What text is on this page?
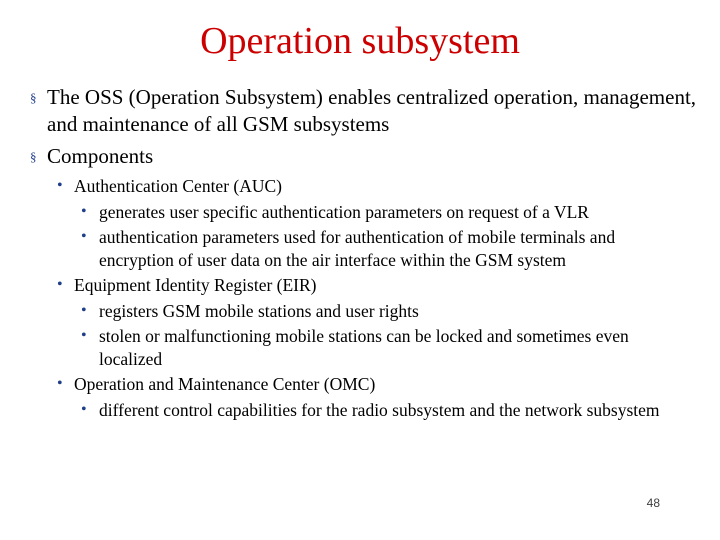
Operation subsystem
§ The OSS (Operation Subsystem) enables centralized operation, management, and maintenance of all GSM subsystems
§ Components
• Authentication Center (AUC)
• generates user specific authentication parameters on request of a VLR
• authentication parameters used for authentication of mobile terminals and encryption of user data on the air interface within the GSM system
• Equipment Identity Register (EIR)
• registers GSM mobile stations and user rights
• stolen or malfunctioning mobile stations can be locked and sometimes even localized
• Operation and Maintenance Center (OMC)
• different control capabilities for the radio subsystem and the network subsystem
48
